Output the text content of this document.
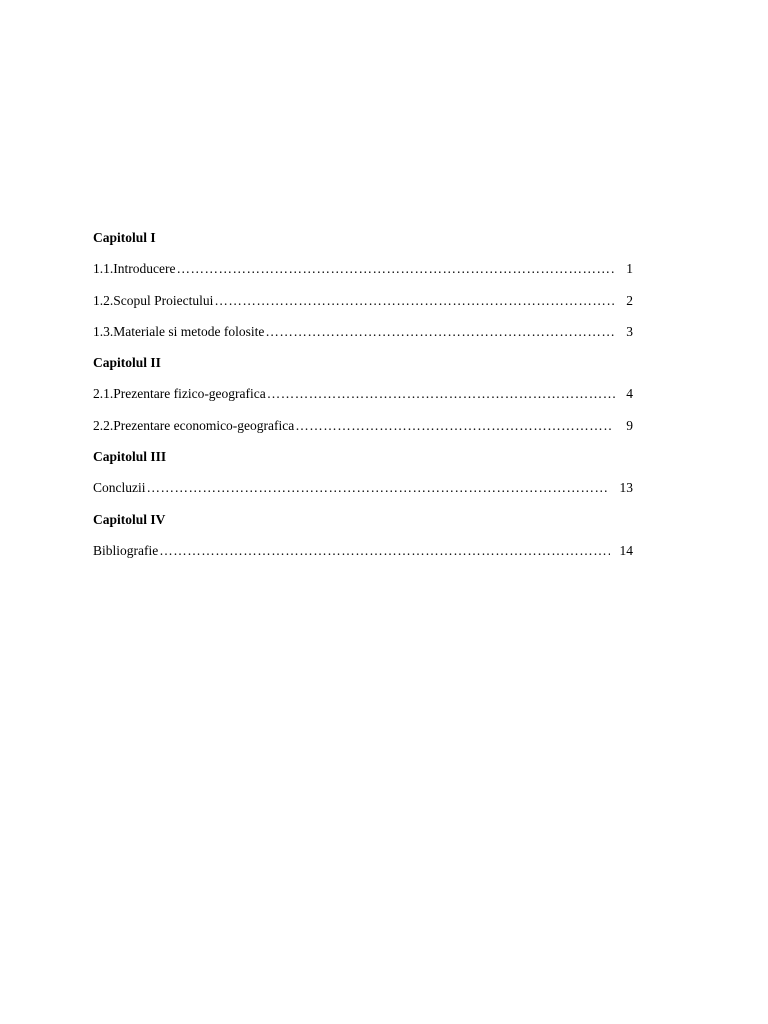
Capitolul I
1.1.Introducere ……………………………………………………………………………………………………………………………………………………………………………………………………	1
1.2.Scopul Proiectului ……………………………………………………………………………………………………………………………………………………………………………………………………	2
1.3.Materiale si metode folosite ……………………………………………………………………………………………………………………………………………………………………………………………………	3
Capitolul II
2.1.Prezentare fizico-geografica ……………………………………………………………………………………………………………………………………………………………………………………………………	4
2.2.Prezentare economico-geografica ……………………………………………………………………………………………………………………………………………………………………………………………………	9
Capitolul III
Concluzii ……………………………………………………………………………………………………………………………………………………………………………………………………	13
Capitolul IV
Bibliografie ……………………………………………………………………………………………………………………………………………………………………………………………………	14
